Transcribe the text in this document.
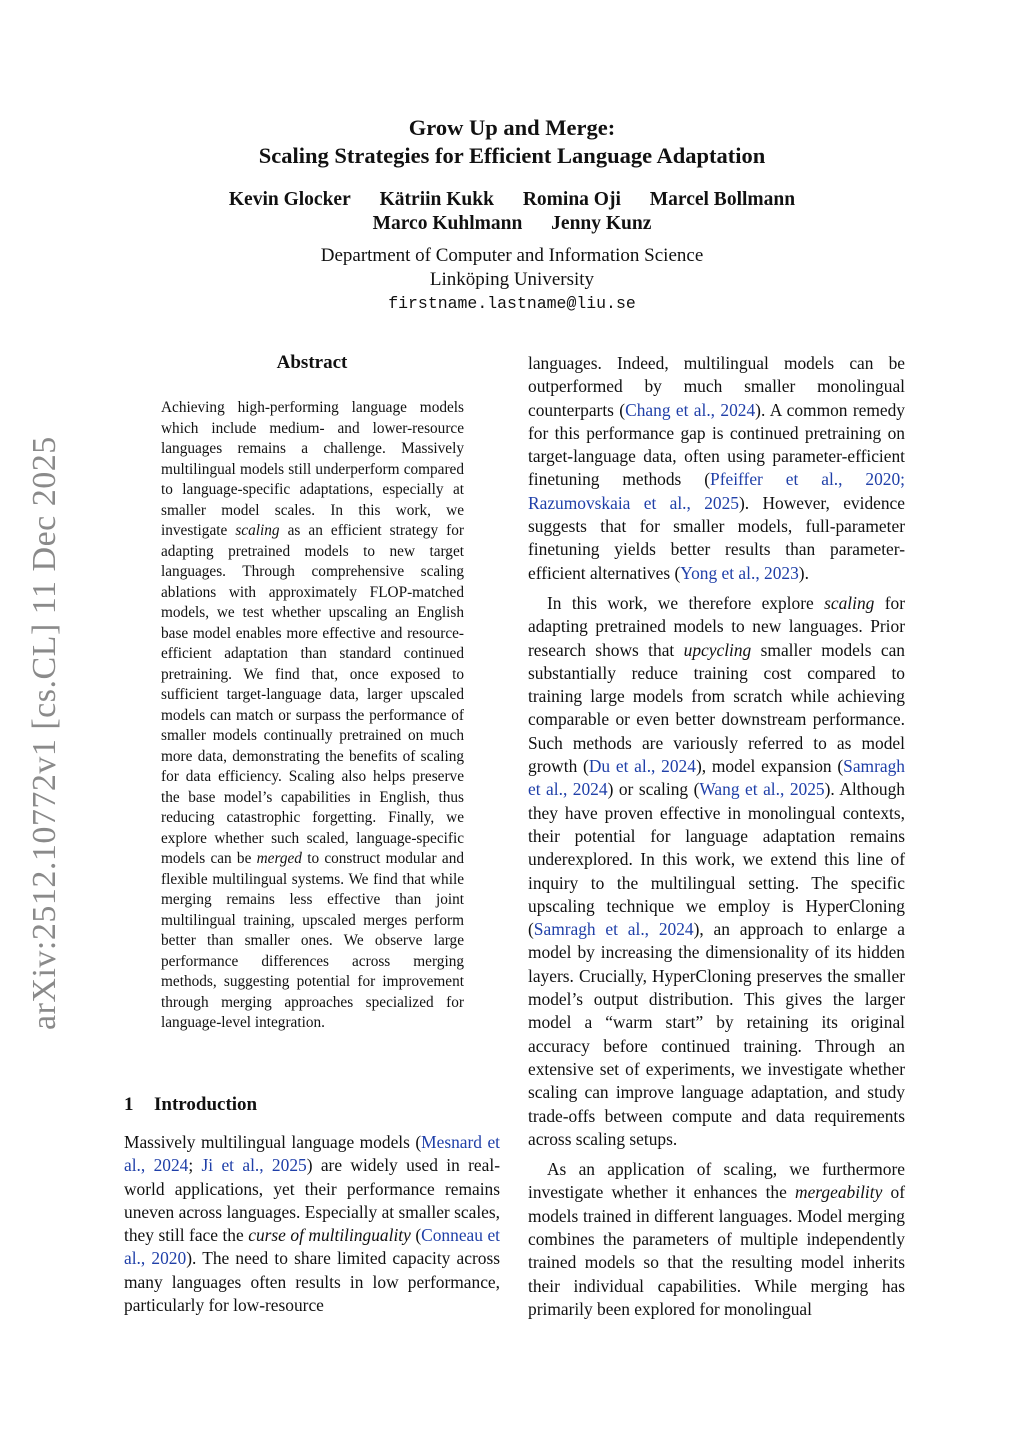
arXiv:2512.10772v1 [cs.CL] 11 Dec 2025
Grow Up and Merge:
Scaling Strategies for Efficient Language Adaptation
Kevin Glocker Kätriin Kukk Romina Oji Marcel Bollmann
Marco Kuhlmann Jenny Kunz
Department of Computer and Information Science
Linköping University
firstname.lastname@liu.se
Abstract

Achieving high-performing language models which include medium- and lower-resource languages remains a challenge. Massively multilingual models still underperform compared to language-specific adaptations, especially at smaller model scales. In this work, we investigate scaling as an efficient strategy for adapting pretrained models to new target languages. Through comprehensive scaling ablations with approximately FLOP-matched models, we test whether upscaling an English base model enables more effective and resource-efficient adaptation than standard continued pretraining. We find that, once exposed to sufficient target-language data, larger upscaled models can match or surpass the performance of smaller models continually pretrained on much more data, demonstrating the benefits of scaling for data efficiency. Scaling also helps preserve the base model’s capabilities in English, thus reducing catastrophic forgetting. Finally, we explore whether such scaled, language-specific models can be merged to construct modular and flexible multilingual systems. We find that while merging remains less effective than joint multilingual training, upscaled merges perform better than smaller ones. We observe large performance differences across merging methods, suggesting potential for improvement through merging approaches specialized for language-level integration.

1 Introduction

Massively multilingual language models (Mesnard et al., 2024; Ji et al., 2025) are widely used in real-world applications, yet their performance remains uneven across languages. Especially at smaller scales, they still face the curse of multilinguality (Conneau et al., 2020). The need to share limited capacity across many languages often results in low performance, particularly for low-resource

languages. Indeed, multilingual models can be outperformed by much smaller monolingual counterparts (Chang et al., 2024). A common remedy for this performance gap is continued pretraining on target-language data, often using parameter-efficient finetuning methods (Pfeiffer et al., 2020; Razumovskaia et al., 2025). However, evidence suggests that for smaller models, full-parameter finetuning yields better results than parameter-efficient alternatives (Yong et al., 2023).

In this work, we therefore explore scaling for adapting pretrained models to new languages. Prior research shows that upcycling smaller models can substantially reduce training cost compared to training large models from scratch while achieving comparable or even better downstream performance. Such methods are variously referred to as model growth (Du et al., 2024), model expansion (Samragh et al., 2024) or scaling (Wang et al., 2025). Although they have proven effective in monolingual contexts, their potential for language adaptation remains underexplored. In this work, we extend this line of inquiry to the multilingual setting. The specific upscaling technique we employ is HyperCloning (Samragh et al., 2024), an approach to enlarge a model by increasing the dimensionality of its hidden layers. Crucially, HyperCloning preserves the smaller model’s output distribution. This gives the larger model a “warm start” by retaining its original accuracy before continued training. Through an extensive set of experiments, we investigate whether scaling can improve language adaptation, and study trade-offs between compute and data requirements across scaling setups.

As an application of scaling, we furthermore investigate whether it enhances the mergeability of models trained in different languages. Model merging combines the parameters of multiple independently trained models so that the resulting model inherits their individual capabilities. While merging has primarily been explored for monolingual
